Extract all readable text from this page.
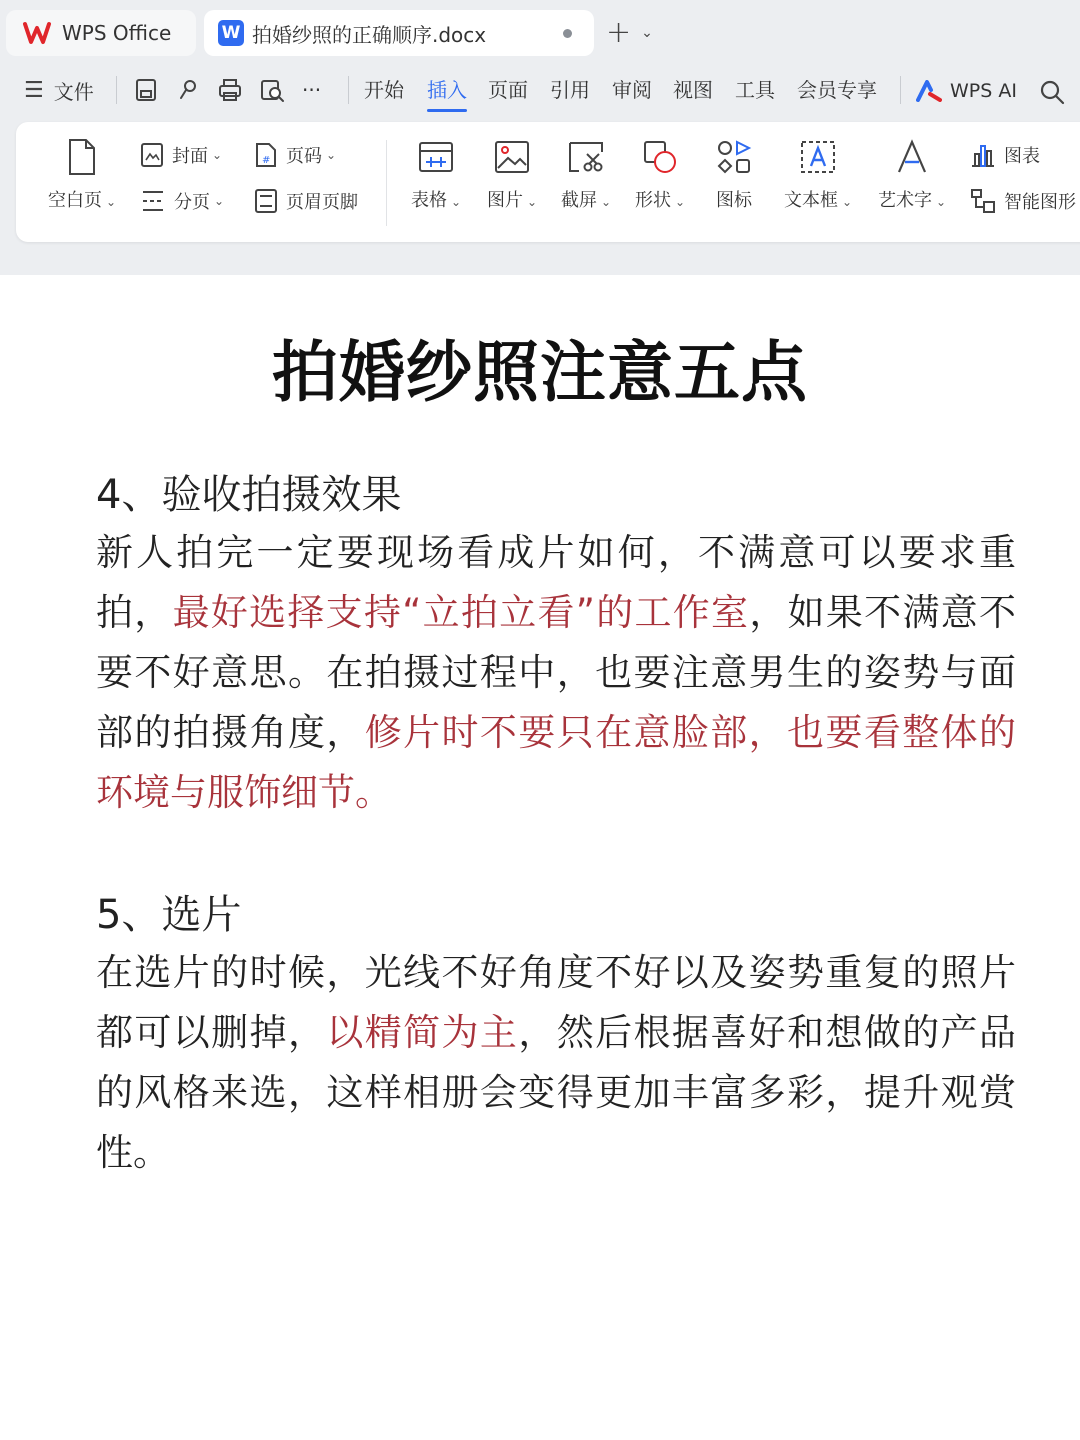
WPS Office	W 拍婚纱照的正确顺序.docx	+ ⌄
☰ 文件	··· 开始 插入 页面 引用 审阅 视图 工具 会员专享	WPS AI
空白页 ⌄
封面 ⌄	# 页码 ⌄
分页 ⌄	页眉页脚	表格 ⌄ 图片 ⌄ 截屏 ⌄ 形状 ⌄ 图标 文本框 ⌄ 艺术字 ⌄
图表
智能图形
拍婚纱照注意五点
4、验收拍摄效果
新人拍完一定要现场看成片如何，不满意可以要求重拍，最好选择支持“立拍立看”的工作室，如果不满意不要不好意思。在拍摄过程中，也要注意男生的姿势与面部的拍摄角度，修片时不要只在意脸部，也要看整体的环境与服饰细节。
5、选片
在选片的时候，光线不好角度不好以及姿势重复的照片都可以删掉，以精简为主，然后根据喜好和想做的产品的风格来选，这样相册会变得更加丰富多彩，提升观赏性。
